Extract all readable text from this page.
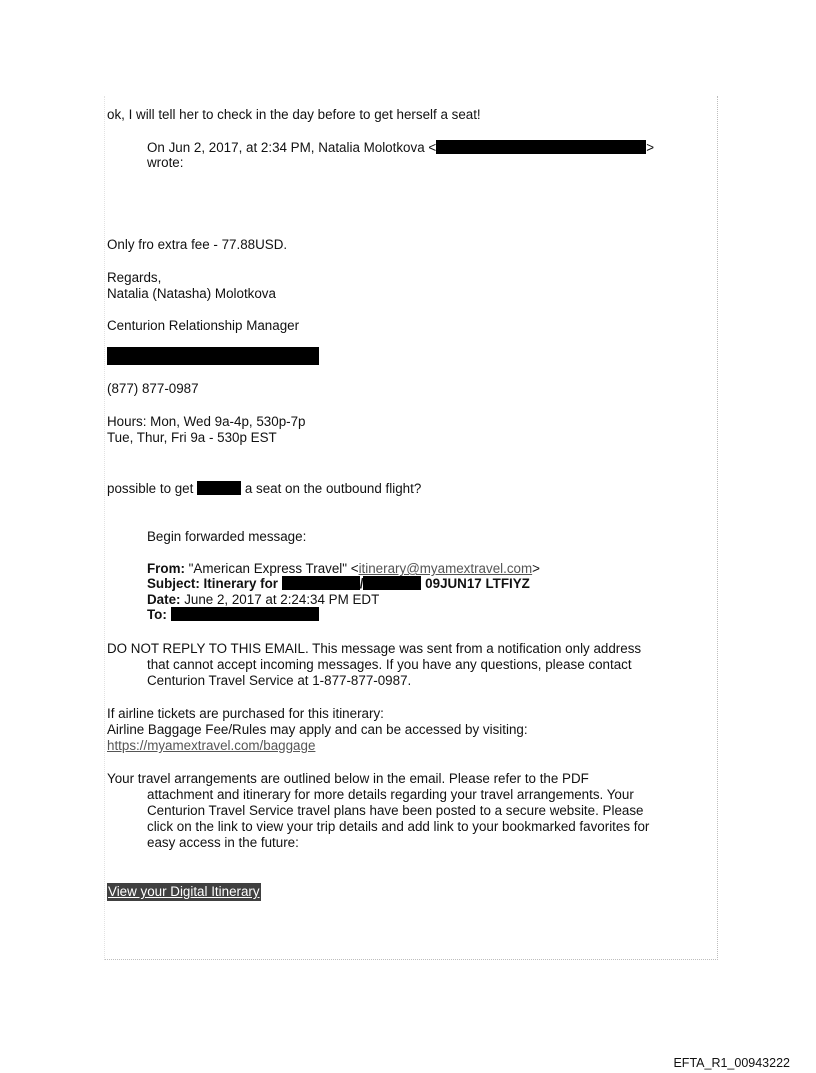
ok, I will tell her to check in the day before to get herself a seat!
On Jun 2, 2017, at 2:34 PM, Natalia Molotkova <	>
wrote:
Only fro extra fee - 77.88USD.
Regards,
Natalia (Natasha) Molotkova
Centurion Relationship Manager
(877) 877-0987
Hours: Mon, Wed 9a-4p, 530p-7p
Tue, Thur, Fri 9a - 530p EST
possible to get	a seat on the outbound flight?
Begin forwarded message:
From: "American Express Travel" <itinerary@myamextravel.com>
Subject: Itinerary for	/	09JUN17 LTFIYZ
Date: June 2, 2017 at 2:24:34 PM EDT
To:
DO NOT REPLY TO THIS EMAIL. This message was sent from a notification only address
that cannot accept incoming messages. If you have any questions, please contact
Centurion Travel Service at 1-877-877-0987.
If airline tickets are purchased for this itinerary:
Airline Baggage Fee/Rules may apply and can be accessed by visiting:
https://myamextravel.com/baggage
Your travel arrangements are outlined below in the email. Please refer to the PDF
attachment and itinerary for more details regarding your travel arrangements. Your
Centurion Travel Service travel plans have been posted to a secure website. Please
click on the link to view your trip details and add link to your bookmarked favorites for
easy access in the future:
View your Digital Itinerary
EFTA_R1_00943222
